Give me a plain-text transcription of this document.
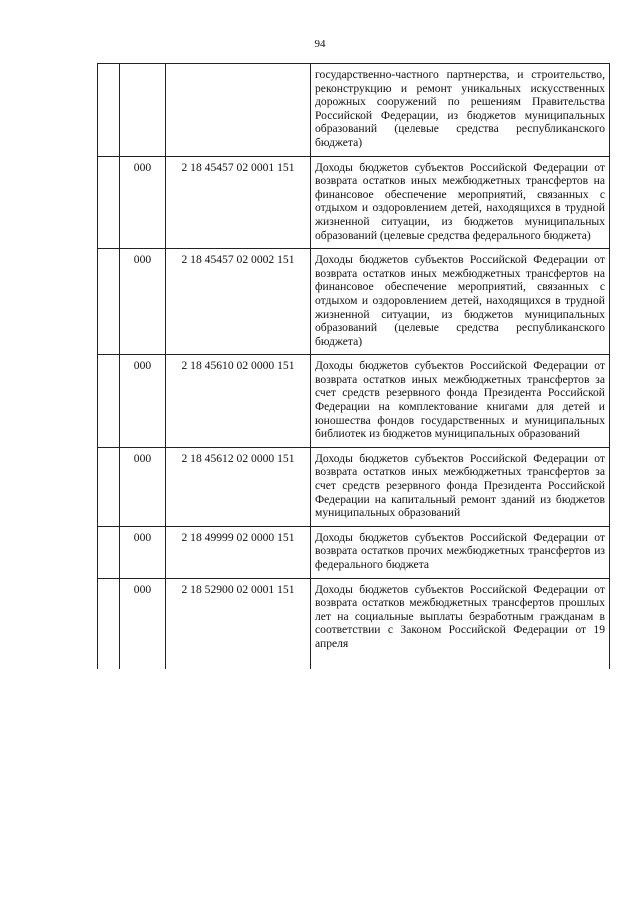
94
			государственно-частного партнерства, и строительство, реконструкцию и ремонт уникальных искусственных дорожных сооружений по решениям Правительства Российской Федерации, из бюджетов муниципальных образований (целевые средства республиканского бюджета)
	000	2 18 45457 02 0001 151	Доходы бюджетов субъектов Российской Федерации от возврата остатков иных межбюджетных трансфертов на финансовое обеспечение мероприятий, связанных с отдыхом и оздоровлением детей, находящихся в трудной жизненной ситуации, из бюджетов муниципальных образований (целевые средства федерального бюджета)
	000	2 18 45457 02 0002 151	Доходы бюджетов субъектов Российской Федерации от возврата остатков иных межбюджетных трансфертов на финансовое обеспечение мероприятий, связанных с отдыхом и оздоровлением детей, находящихся в трудной жизненной ситуации, из бюджетов муниципальных образований (целевые средства республиканского бюджета)
	000	2 18 45610 02 0000 151	Доходы бюджетов субъектов Российской Федерации от возврата остатков иных межбюджетных трансфертов за счет средств резервного фонда Президента Российской Федерации на комплектование книгами для детей и юношества фондов государственных и муниципальных библиотек из бюджетов муниципальных образований
	000	2 18 45612 02 0000 151	Доходы бюджетов субъектов Российской Федерации от возврата остатков иных межбюджетных трансфертов за счет средств резервного фонда Президента Российской Федерации на капитальный ремонт зданий из бюджетов муниципальных образований
	000	2 18 49999 02 0000 151	Доходы бюджетов субъектов Российской Федерации от возврата остатков прочих межбюджетных трансфертов из федерального бюджета
	000	2 18 52900 02 0001 151	Доходы бюджетов субъектов Российской Федерации от возврата остатков межбюджетных трансфертов прошлых лет на социальные выплаты безработным гражданам в соответствии с Законом Российской Федерации от 19 апреля
